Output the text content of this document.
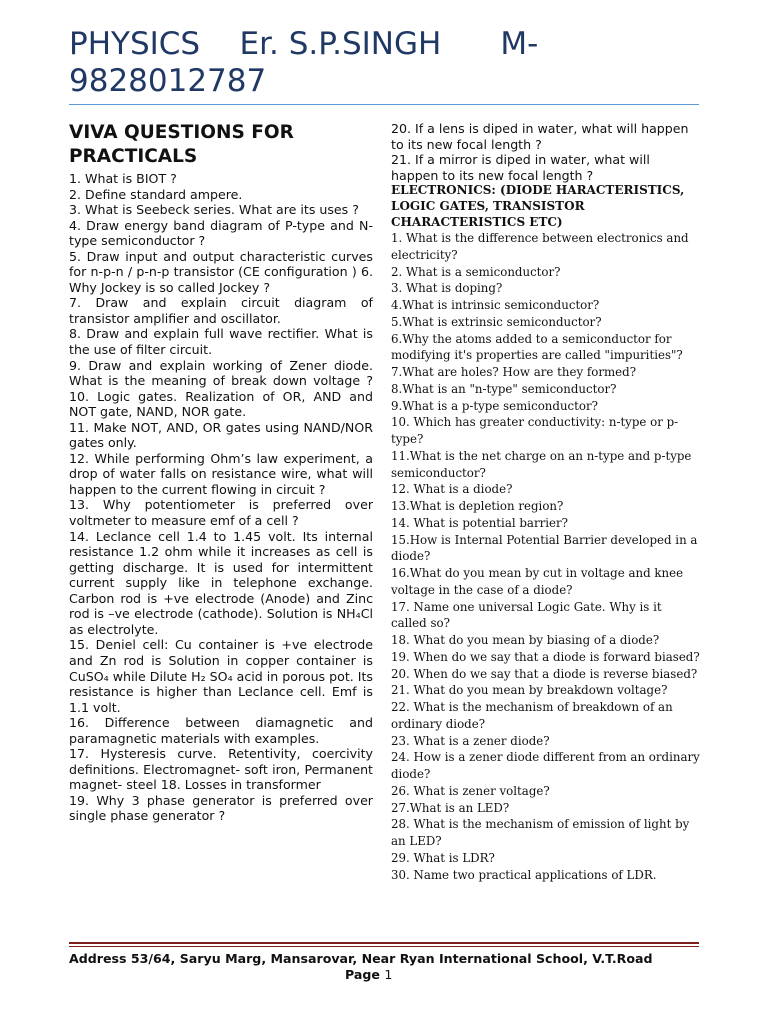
PHYSICS    Er. S.P.SINGH      M-
9828012787
VIVA QUESTIONS FOR PRACTICALS
1. What is BIOT ?
2. Define standard ampere.
3. What is Seebeck series. What are its uses ?
4. Draw energy band diagram of P-type and N-type semiconductor ?
5. Draw input and output characteristic curves for n-p-n / p-n-p transistor (CE configuration ) 6. Why Jockey is so called Jockey ?
7. Draw and explain circuit diagram of transistor amplifier and oscillator.
8. Draw and explain full wave rectifier. What is the use of filter circuit.
9. Draw and explain working of Zener diode. What is the meaning of break down voltage ? 10. Logic gates. Realization of OR, AND and NOT gate, NAND, NOR gate.
11. Make NOT, AND, OR gates using NAND/NOR gates only.
12. While performing Ohm’s law experiment, a drop of water falls on resistance wire, what will happen to the current flowing in circuit ?
13. Why potentiometer is preferred over voltmeter to measure emf of a cell ?
14. Leclance cell 1.4 to 1.45 volt. Its internal resistance 1.2 ohm while it increases as cell is getting discharge. It is used for intermittent current supply like in telephone exchange. Carbon rod is +ve electrode (Anode) and Zinc rod is –ve electrode (cathode). Solution is NH₄Cl as electrolyte.
15. Deniel cell: Cu container is +ve electrode and Zn rod is Solution in copper container is CuSO₄ while Dilute H₂ SO₄ acid in porous pot. Its resistance is higher than Leclance cell. Emf is 1.1 volt.
16. Difference between diamagnetic and paramagnetic materials with examples.
17. Hysteresis curve. Retentivity, coercivity definitions. Electromagnet- soft iron, Permanent magnet- steel 18. Losses in transformer
19. Why 3 phase generator is preferred over single phase generator ?
20. If a lens is diped in water, what will happen to its new focal length ?
21. If a mirror is diped in water, what will happen to its new focal length ?
ELECTRONICS: (DIODE HARACTERISTICS, LOGIC GATES, TRANSISTOR CHARACTERISTICS ETC)
1. What is the difference between electronics and electricity?
2. What is a semiconductor?
3. What is doping?
4.What is intrinsic semiconductor?
5.What is extrinsic semiconductor?
6.Why the atoms added to a semiconductor for modifying it's properties are called "impurities"?
7.What are holes? How are they formed?
8.What is an "n-type" semiconductor?
9.What is a p-type semiconductor?
10. Which has greater conductivity: n-type or p-type?
11.What is the net charge on an n-type and p-type semiconductor?
12. What is a diode?
13.What is depletion region?
14. What is potential barrier?
15.How is Internal Potential Barrier developed in a diode?
16.What do you mean by cut in voltage and knee voltage in the case of a diode?
17. Name one universal Logic Gate. Why is it called so?
18. What do you mean by biasing of a diode?
19. When do we say that a diode is forward biased?
20. When do we say that a diode is reverse biased?
21. What do you mean by breakdown voltage?
22. What is the mechanism of breakdown of an ordinary diode?
23. What is a zener diode?
24. How is a zener diode different from an ordinary diode?
26. What is zener voltage?
27.What is an LED?
28. What is the mechanism of emission of light by an LED?
29. What is LDR?
30. Name two practical applications of LDR.
Address 53/64, Saryu Marg, Mansarovar, Near Ryan International School, V.T.Road
Page 1
